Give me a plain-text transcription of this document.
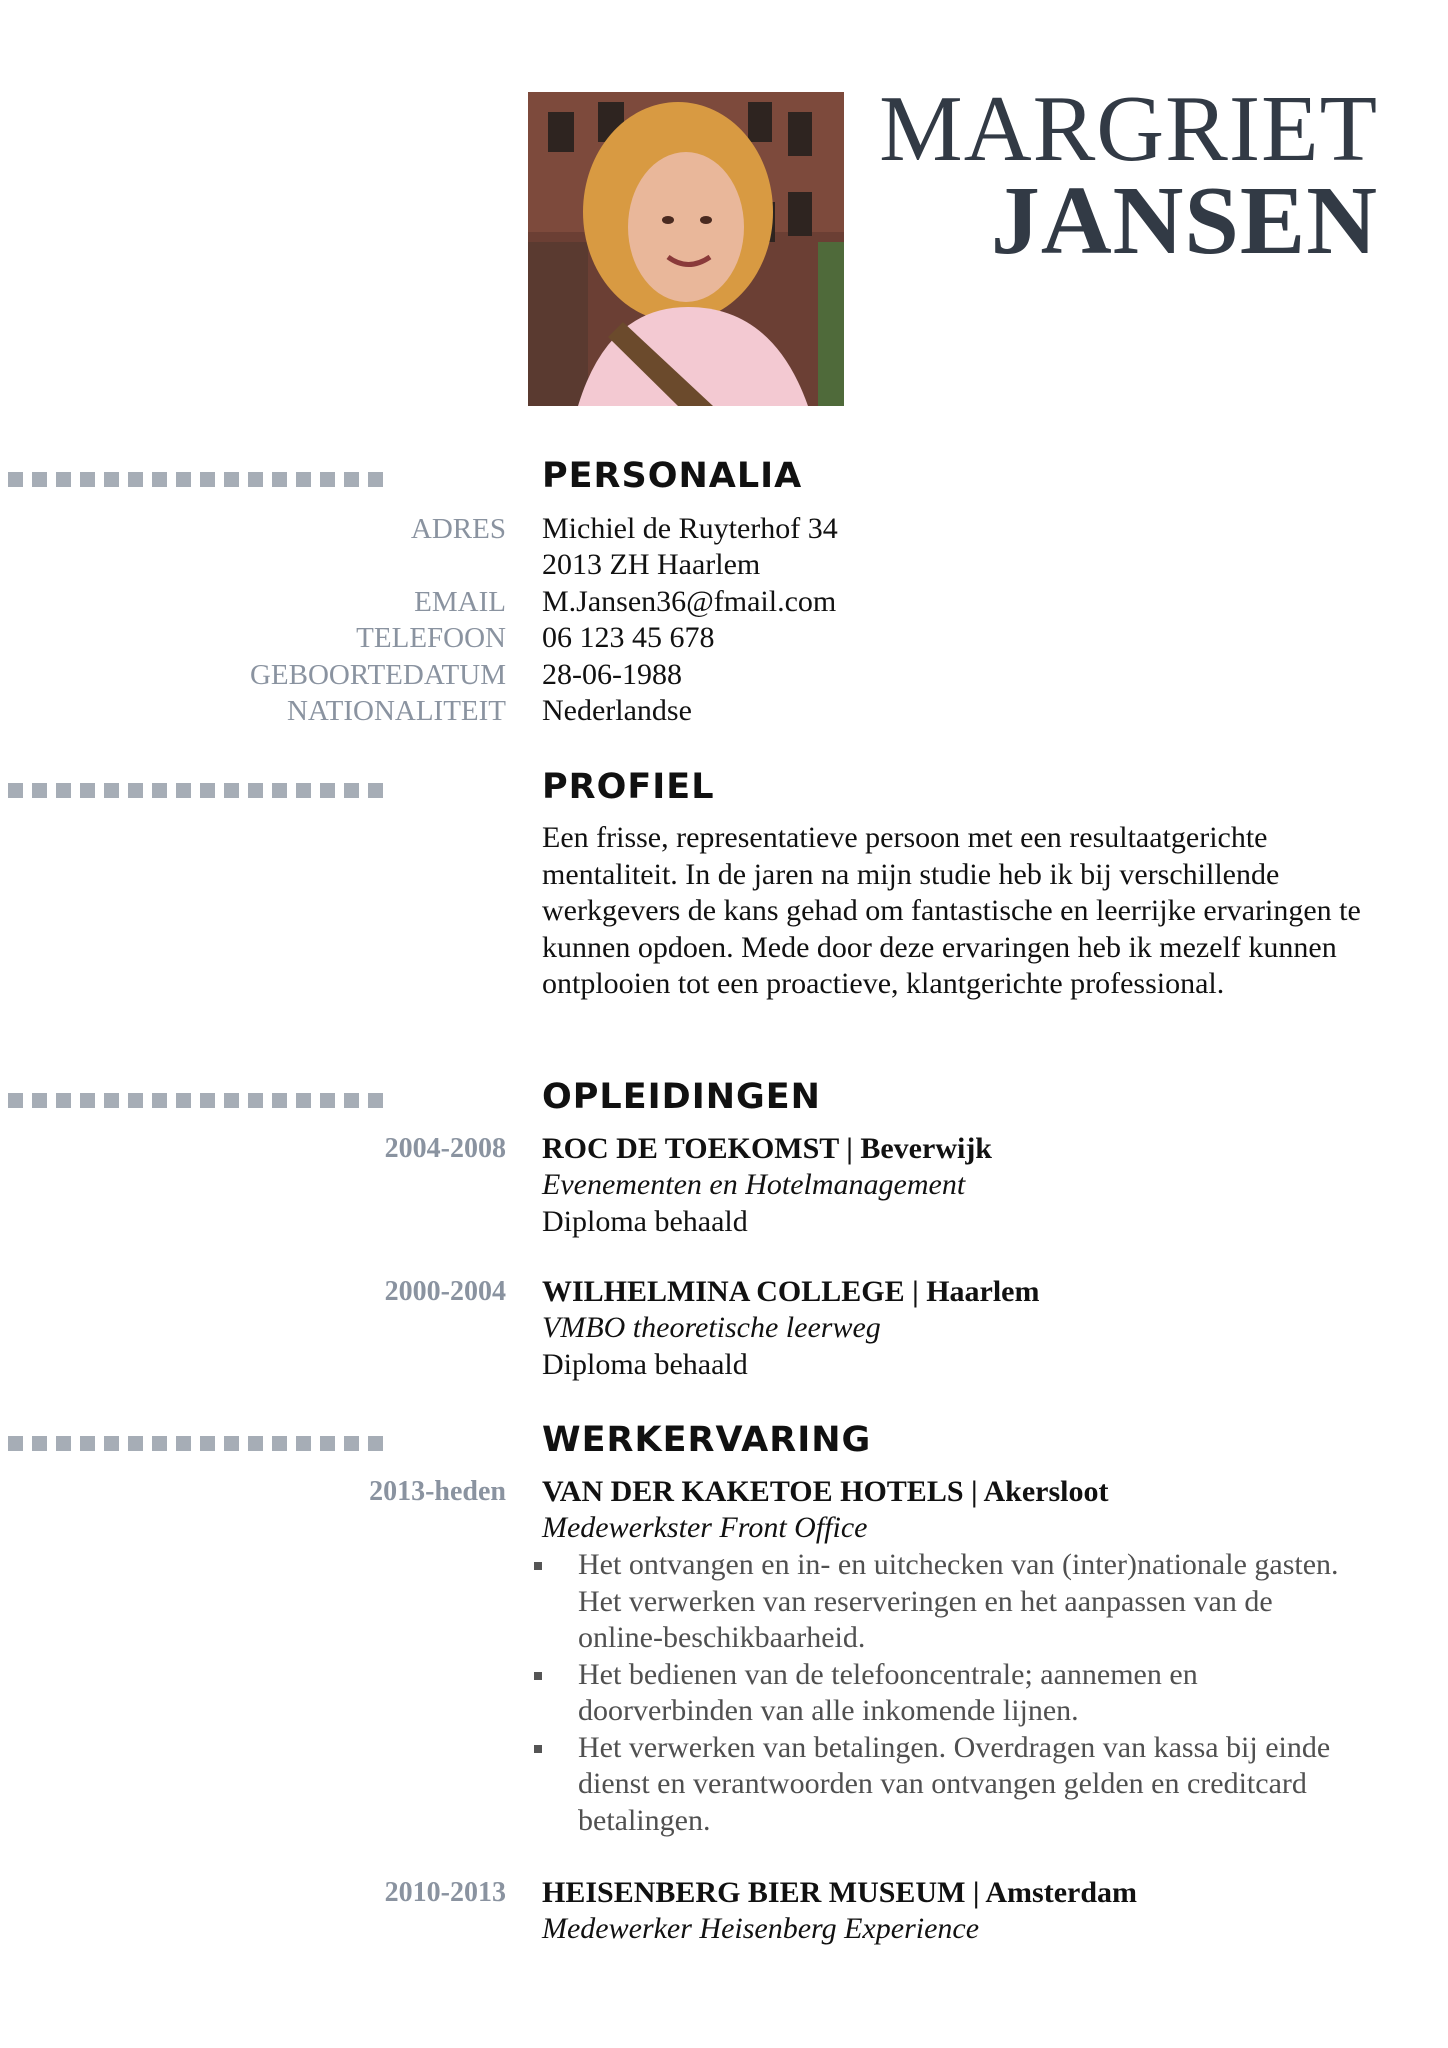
MARGRIET
JANSEN
PERSONALIA
ADRES Michiel de Ruyterhof 34
2013 ZH Haarlem
EMAIL M.Jansen36@fmail.com
TELEFOON 06 123 45 678
GEBOORTEDATUM 28-06-1988
NATIONALITEIT Nederlandse
PROFIEL
Een frisse, representatieve persoon met een resultaatgerichte mentaliteit. In de jaren na mijn studie heb ik bij verschillende werkgevers de kans gehad om fantastische en leerrijke ervaringen te kunnen opdoen. Mede door deze ervaringen heb ik mezelf kunnen ontplooien tot een proactieve, klantgerichte professional.
OPLEIDINGEN
2004-2008 ROC DE TOEKOMST | Beverwijk
Evenementen en Hotelmanagement
Diploma behaald
2000-2004 WILHELMINA COLLEGE | Haarlem
VMBO theoretische leerweg
Diploma behaald
WERKERVARING
2013-heden VAN DER KAKETOE HOTELS | Akersloot
Medewerkster Front Office
Het ontvangen en in- en uitchecken van (inter)nationale gasten. Het verwerken van reserveringen en het aanpassen van de online-beschikbaarheid.
Het bedienen van de telefooncentrale; aannemen en doorverbinden van alle inkomende lijnen.
Het verwerken van betalingen. Overdragen van kassa bij einde dienst en verantwoorden van ontvangen gelden en creditcard betalingen.
2010-2013 HEISENBERG BIER MUSEUM | Amsterdam
Medewerker Heisenberg Experience
